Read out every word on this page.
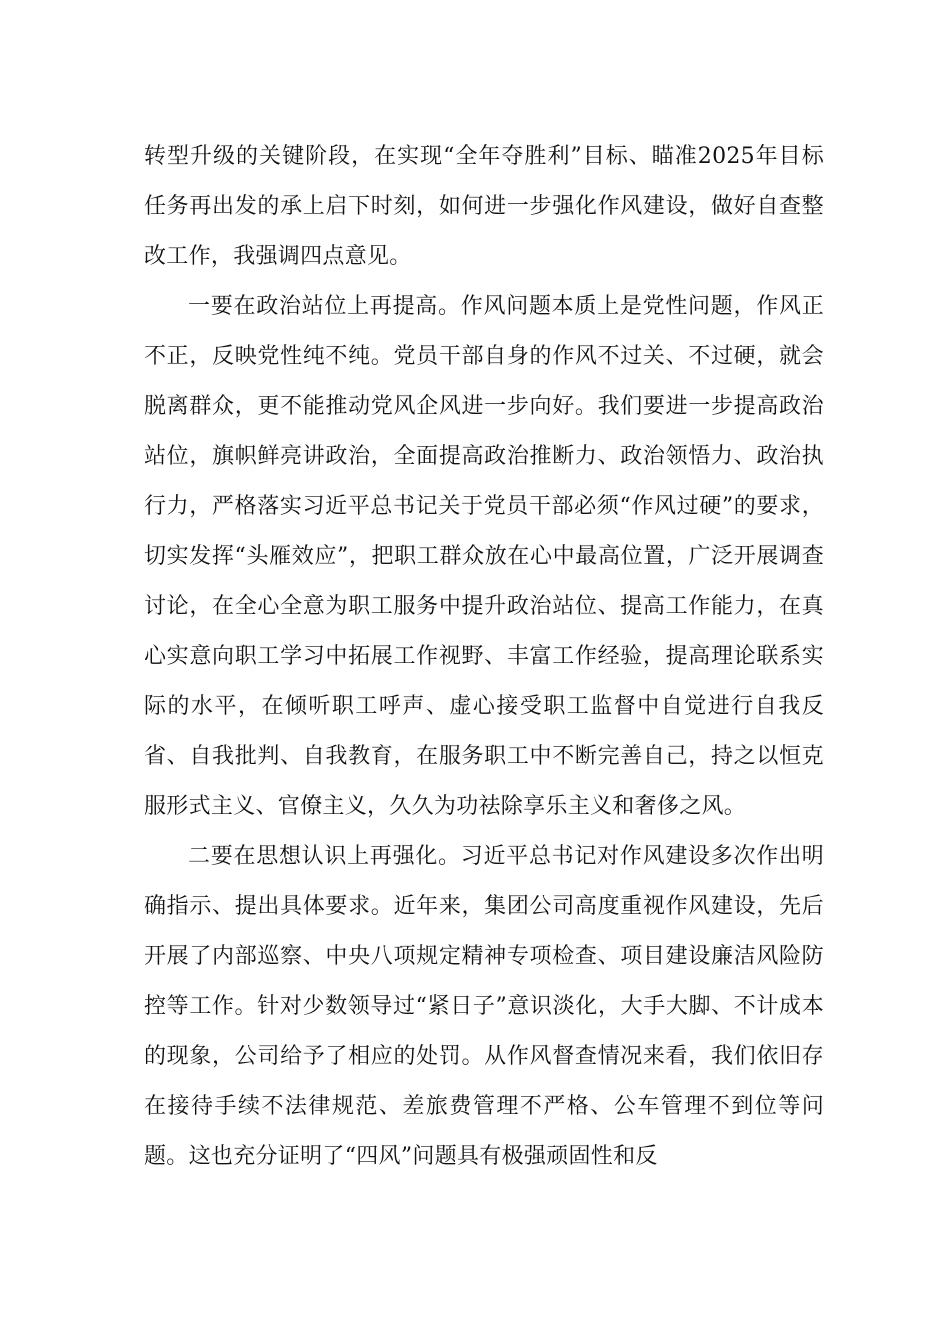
转型升级的关键阶段，在实现“全年夺胜利”目标、瞄准2025年目标任务再出发的承上启下时刻，如何进一步强化作风建设，做好自查整改工作，我强调四点意见。

一要在政治站位上再提高。作风问题本质上是党性问题，作风正不正，反映党性纯不纯。党员干部自身的作风不过关、不过硬，就会脱离群众，更不能推动党风企风进一步向好。我们要进一步提高政治站位，旗帜鲜亮讲政治，全面提高政治推断力、政治领悟力、政治执行力，严格落实习近平总书记关于党员干部必须“作风过硬”的要求，切实发挥“头雁效应”，把职工群众放在心中最高位置，广泛开展调查讨论，在全心全意为职工服务中提升政治站位、提高工作能力，在真心实意向职工学习中拓展工作视野、丰富工作经验，提高理论联系实际的水平，在倾听职工呼声、虚心接受职工监督中自觉进行自我反省、自我批判、自我教育，在服务职工中不断完善自己，持之以恒克服形式主义、官僚主义，久久为功祛除享乐主义和奢侈之风。

二要在思想认识上再强化。习近平总书记对作风建设多次作出明确指示、提出具体要求。近年来，集团公司高度重视作风建设，先后开展了内部巡察、中央八项规定精神专项检查、项目建设廉洁风险防控等工作。针对少数领导过“紧日子”意识淡化，大手大脚、不计成本的现象，公司给予了相应的处罚。从作风督查情况来看，我们依旧存在接待手续不法律规范、差旅费管理不严格、公车管理不到位等问题。这也充分证明了“四风”问题具有极强顽固性和反
